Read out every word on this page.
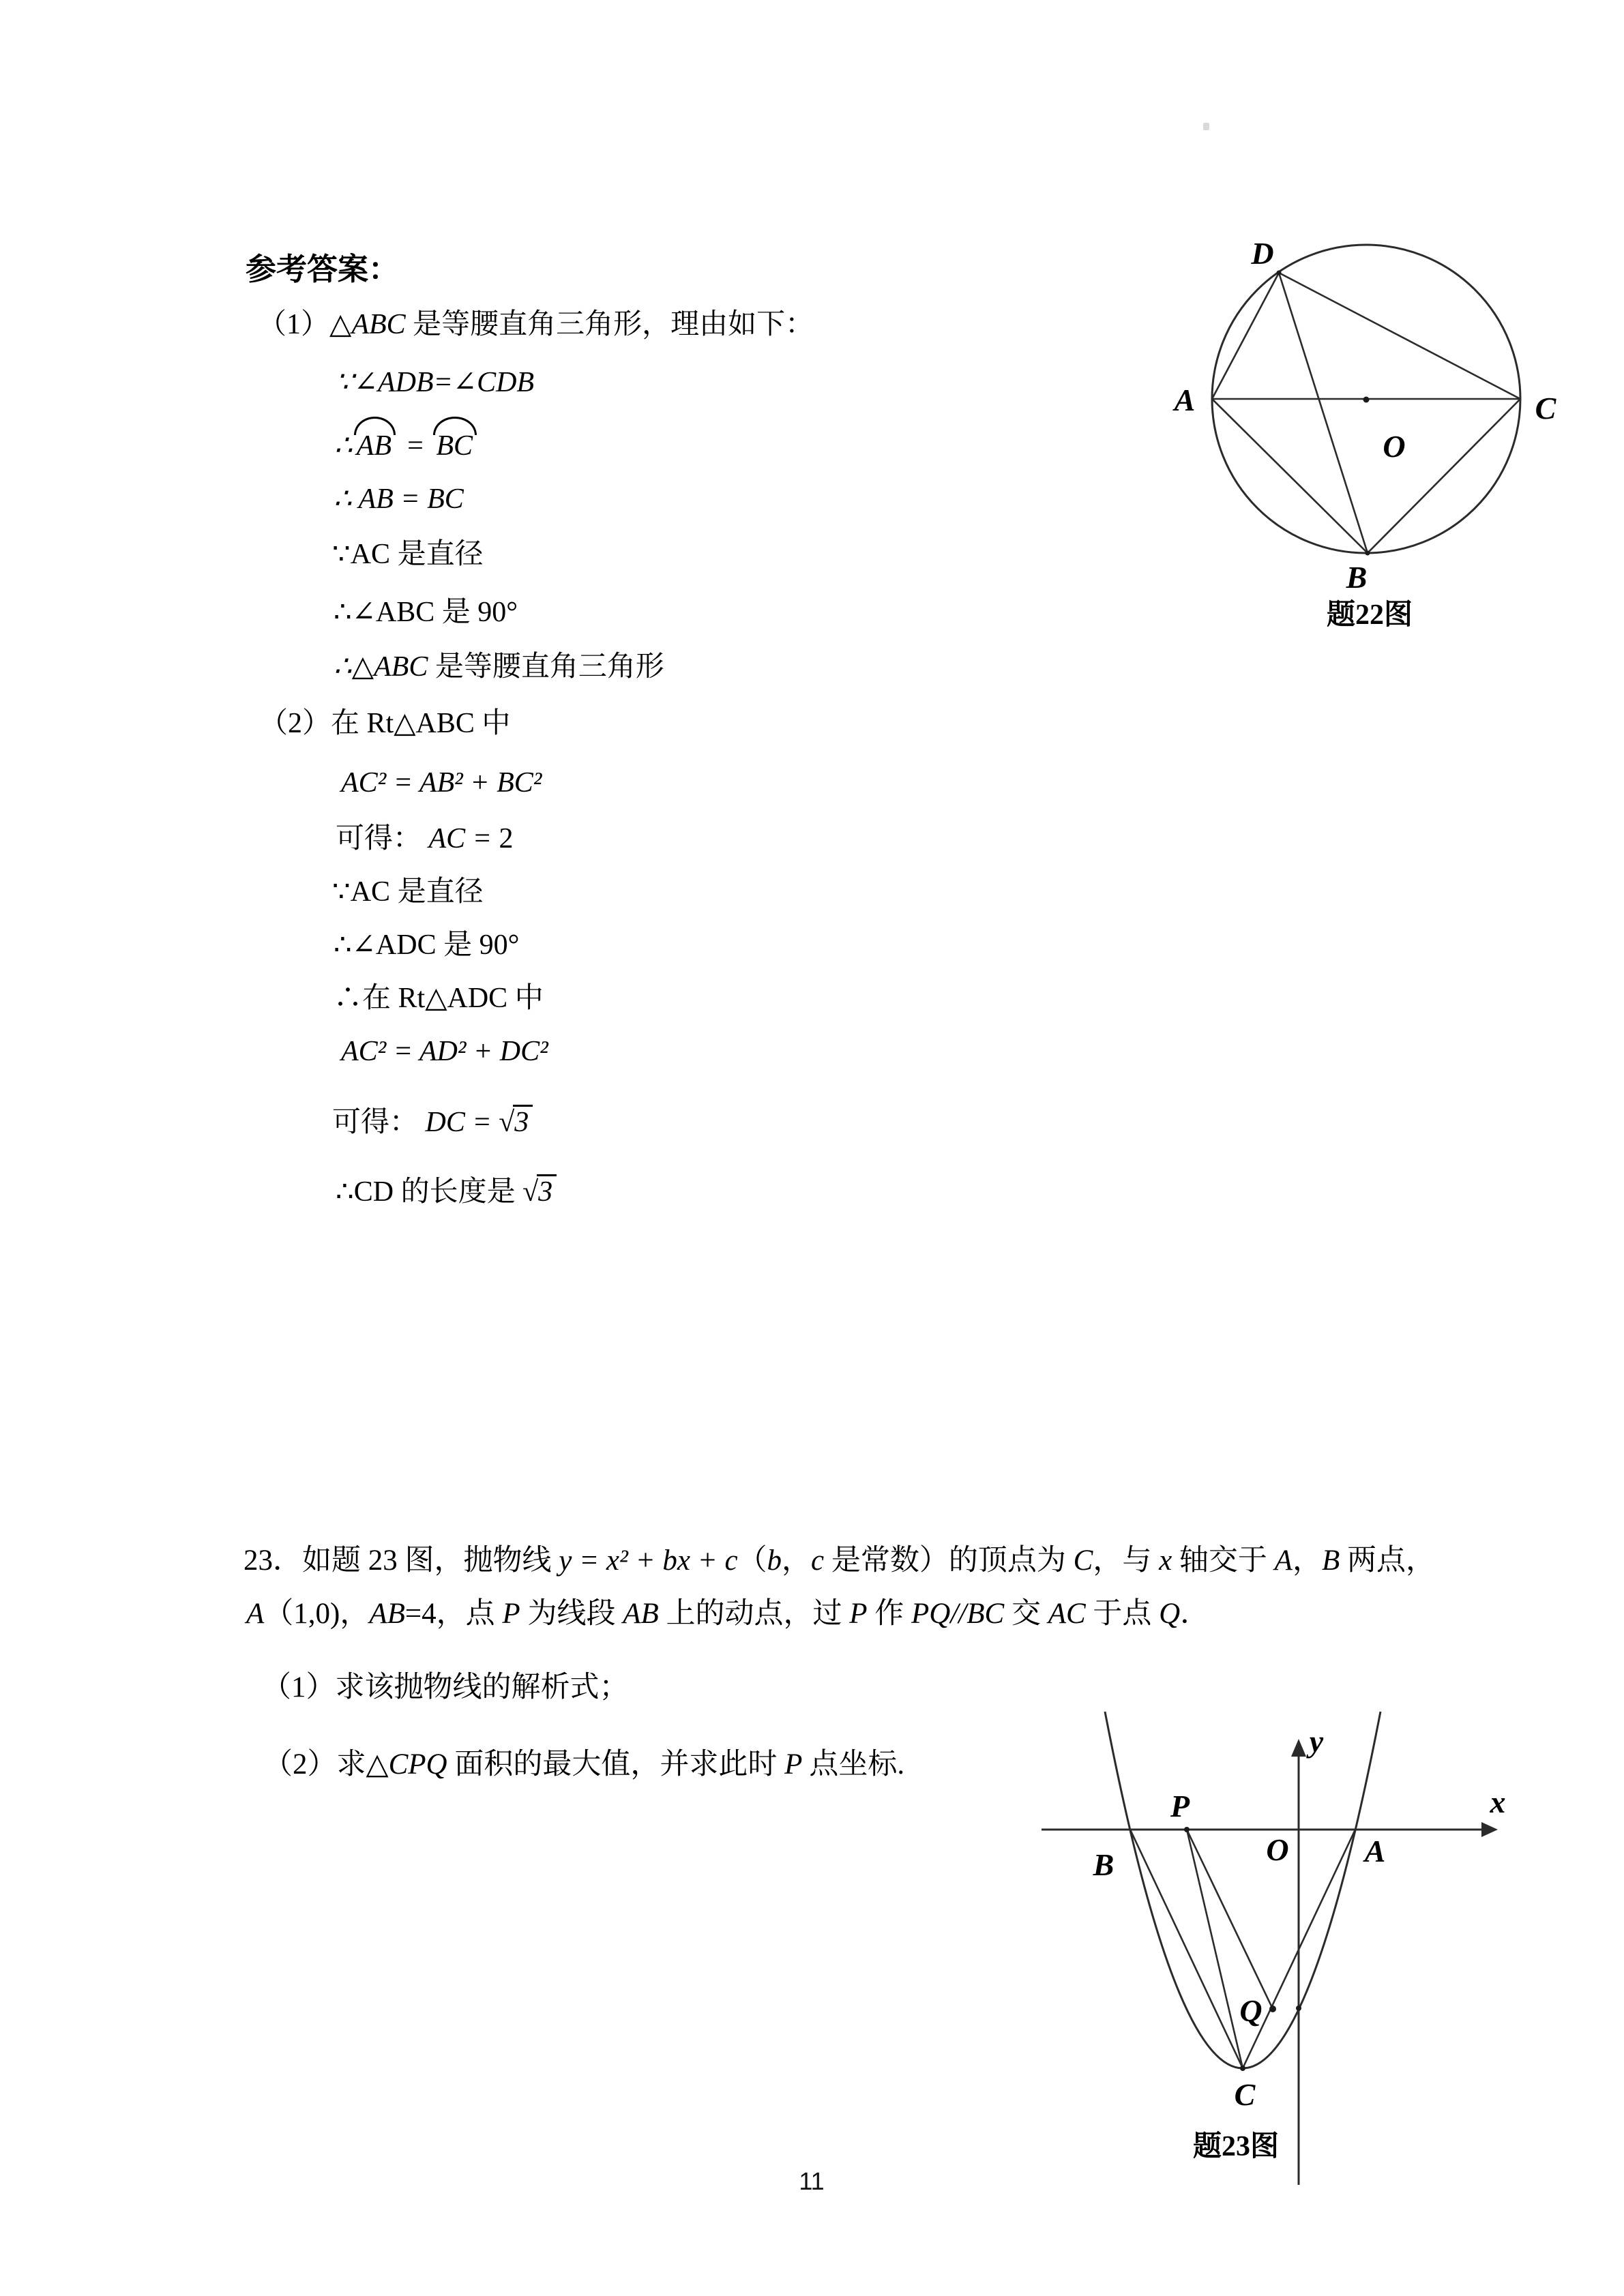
参考答案：
（1）△ABC 是等腰直角三角形，理由如下：
∵∠ADB=∠CDB
∴ AB = BC
∴ AB = BC
∵AC 是直径
∴∠ABC 是 90°
∴△ABC 是等腰直角三角形
（2）在 Rt△ABC 中
AC² = AB² + BC²
可得： AC = 2
∵AC 是直径
∴∠ADC 是 90°
∴在 Rt△ADC 中
AC² = AD² + DC²
可得： DC = √3
∴CD 的长度是 √3
23．如题 23 图，抛物线 y = x² + bx + c（b，c 是常数）的顶点为 C，与 x 轴交于 A，B 两点，
A（1,0)，AB=4，点 P 为线段 AB 上的动点，过 P 作 PQ//BC 交 AC 于点 Q．
（1）求该抛物线的解析式；
（2）求△CPQ 面积的最大值，并求此时 P 点坐标.
D
A	C
O
B
题22图
y
x
O
B	A
P
Q
C
题23图
11
